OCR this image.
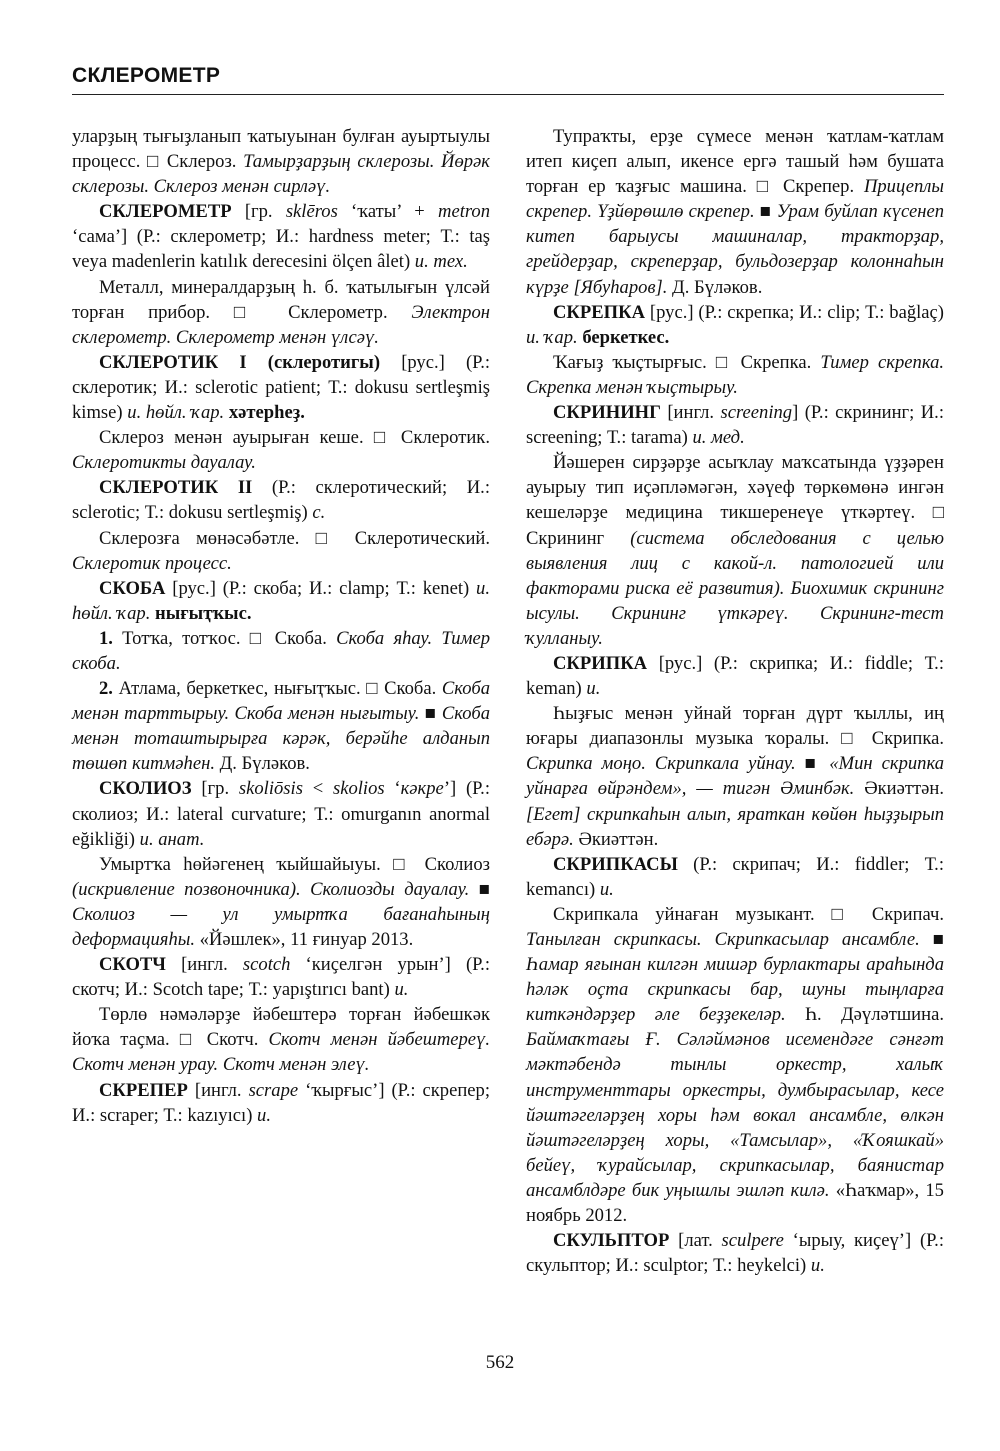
СКЛЕРОМЕТР

уларҙың тығыҙланып ҡатыуынан булған ауыртыулы процесс. □ Склероз. Тамырҙарҙың склерозы. Йөрәк склерозы. Склероз менән сирләү.

СКЛЕРОМЕТР [гр. sklēros ‘ҡаты’ + metron ‘сама’] (Р.: склерометр; И.: hardness meter; Т.: taş veya madenlerin katılık derecesini ölçen âlet) и. тех.

Металл, минералдарҙың һ. б. ҡатылығын үлсәй торған прибор. □ Склерометр. Электрон склерометр. Склерометр менән үлсәү.

СКЛЕРОТИК I (склеротигы) [рус.] (Р.: склеротик; И.: sclerotic patient; Т.: dokusu sertleşmiş kimse) и. һөйл. ҡар. хәтерһеҙ.

Склероз менән ауырыған кеше. □ Склеротик. Склеротикты дауалау.

СКЛЕРОТИК II (Р.: склеротический; И.: sclerotic; Т.: dokusu sertleşmiş) с.

Склерозға мөнәсәбәтле. □ Склеротический. Склеротик процесс.

СКОБА [рус.] (Р.: скоба; И.: clamp; Т.: kenet) и. һөйл. ҡар. нығыҭҡыс.

1. Тотҡа, тотҡос. □ Скоба. Скоба яһау. Тимер скоба.

2. Атлама, беркеткес, нығыҭҡыс. □ Скоба. Скоба менән тарттырыу. Скоба менән нығытыу. ■ Скоба менән тоташтырырға кәрәк, берәйһе алданып төшөп китмәһен. Д. Бүләков.

СКОЛИОЗ [гр. skoliōsis < skolios ‘кәкре’] (Р.: сколиоз; И.: lateral curvature; Т.: omurganın anormal eğikliği) и. анат.

Умыртҡа һөйәгенең ҡыйшайыуы. □ Сколиоз (искривление позвоночника). Сколиозды дауалау. ■ Сколиоз — ул умыртҡа бағанаһының деформацияһы. «Йәшлек», 11 ғинуар 2013.

СКОТЧ [ингл. scotch ‘киҫелгән урын’] (Р.: скотч; И.: Scotch tape; Т.: yapıştırıcı bant) и.

Төрлө нәмәләрҙе йәбештерә торған йәбешкәк йоҡа таҫма. □ Скотч. Скотч менән йәбештереү. Скотч менән урау. Скотч менән элеү.

СКРЕПЕР [ингл. scrape ‘ҡырғыс’] (Р.: скрепер; И.: scraper; Т.: kazıyıcı) и.

Тупраҡты, ерҙе сүмесе менән ҡатлам-ҡатлам итеп киҫеп алып, икенсе ергә ташый һәм бушата торған ер ҡаҙғыс машина. □ Скрепер. Прицеплы скрепер. Үҙйөрөшлө скрепер. ■ Урам буйлап күсенеп китеп барыусы машиналар, тракторҙар, грейдерҙар, скреперҙар, бульдозерҙар колоннаһын күрҙе [Ябуһаров]. Д. Бүләков.

СКРЕПКА [рус.] (Р.: скрепка; И.: clip; Т.: bağlaç) и. ҡар. беркеткес.

Ҡағыҙ ҡыҫтырғыс. □ Скрепка. Тимер скрепка. Скрепка менән ҡыҫтырыу.

СКРИНИНГ [ингл. screening] (Р.: скрининг; И.: screening; Т.: tarama) и. мед.

Йәшерен сирҙәрҙе асыҡлау маҡсатында үҙҙәрен ауырыу тип иҫәпләмәгән, хәүеф төркөмөнә ингән кешеләрҙе медицина тикшеренеүе үткәртеү. □ Скрининг (система обследования с целью выявления лиц с какой-л. патологией или факторами риска её развития). Биохимик скрининг ысулы. Скрининг үткәреү. Скрининг-тест ҡулланыу.

СКРИПКА [рус.] (Р.: скрипка; И.: fiddle; Т.: keman) и.

Һыҙғыс менән уйнай торған дүрт ҡыллы, иң юғары диапазонлы музыка ҡоралы. □ Скрипка. Скрипка моңо. Скрипкала уйнау. ■ «Мин скрипка уйнарға өйрәндем», — тигән Әминбәк. Әкиәттән. [Егет] скрипкаһын алып, яраткан көйөн һыҙҙырып ебәрә. Әкиәттән.

СКРИПКАСЫ (Р.: скрипач; И.: fiddler; Т.: kemancı) и.

Скрипкала уйнаған музыкант. □ Скрипач. Танылған скрипкасы. Скрипкасылар ансамбле. ■ Һамар яғынан килгән мишәр бурлактары араһында һәләк оҫта скрипкасы бар, шуны тыңларға киткәндәрҙер әле беҙҙекеләр. Һ. Дәүләтшина. Баймаҡтағы Ғ. Сәләймәнов исемендәге сәнғәт мәктәбендә тынлы оркестр, халыҡ инструменттары оркестры, думбырасылар, кесе йәштәгеләрҙең хоры һәм вокал ансамбле, өлкән йәштәгеләрҙең хоры, «Тамсылар», «Ҡояшкай» бейеү, ҡурайсылар, скрипкасылар, баянистар ансамблдәре бик уңышлы эшләп килә. «Һаҡмар», 15 ноябрь 2012.

СКУЛЬПТОР [лат. sculpere ‘ырыу, киҫеү’] (Р.: скульптор; И.: sculptor; Т.: heykelci) и.

562
